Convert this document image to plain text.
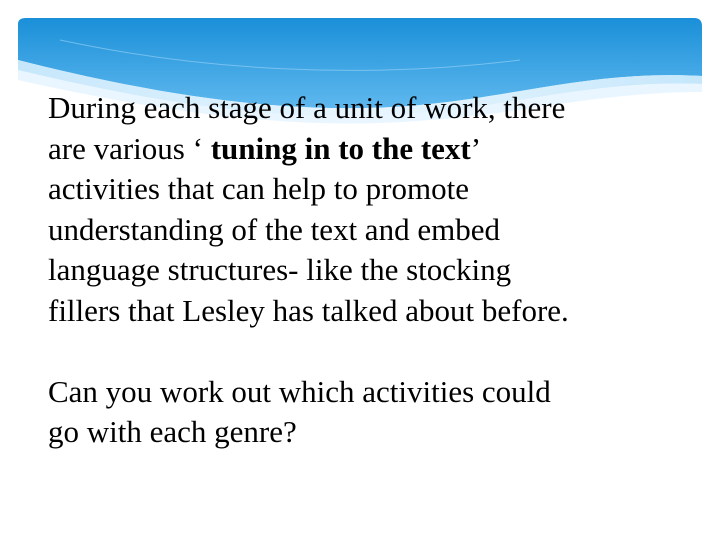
During each stage of a unit of work, there are various ‘ tuning in to the text’ activities that can help to promote understanding of the text and embed language structures- like the stocking fillers that Lesley has talked about before.

Can you work out which activities could go with each genre?
